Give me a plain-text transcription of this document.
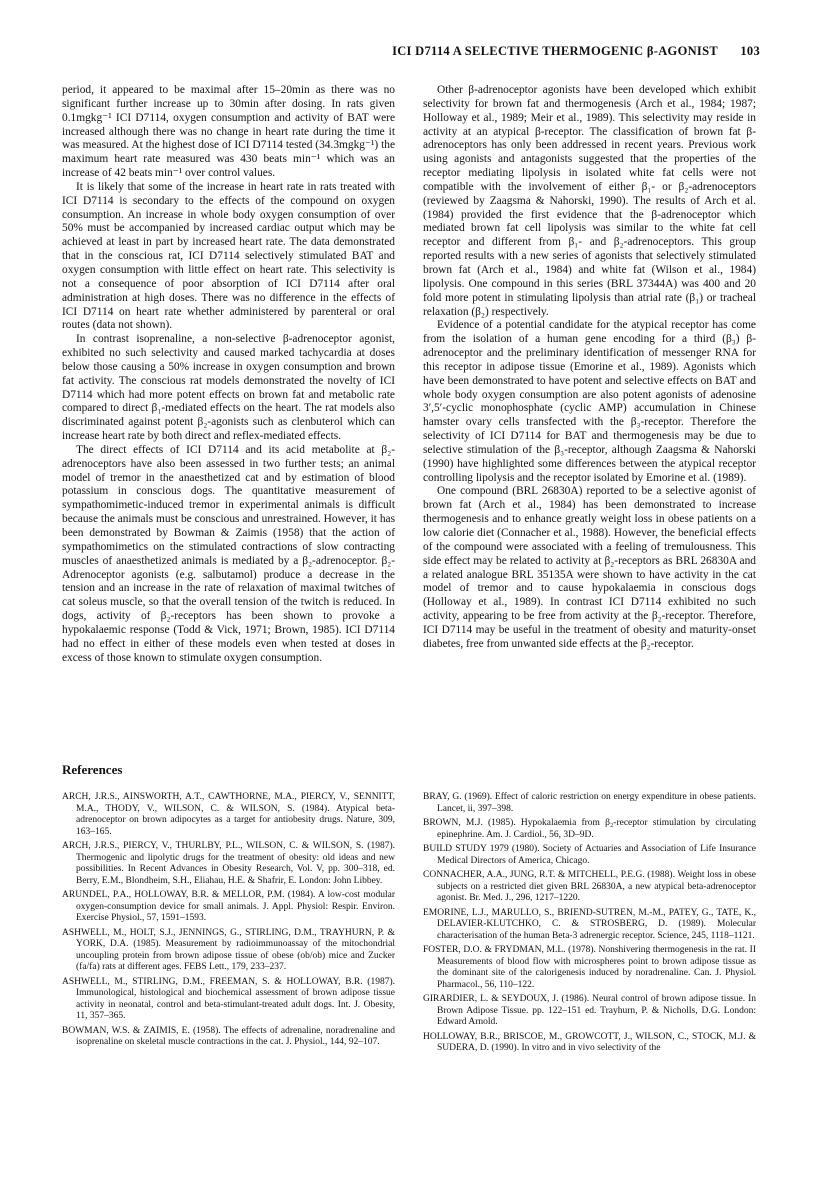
ICI D7114 A SELECTIVE THERMOGENIC β-AGONIST 103

period, it appeared to be maximal after 15–20min as there was no significant further increase up to 30min after dosing. In rats given 0.1mgkg⁻¹ ICI D7114, oxygen consumption and activity of BAT were increased although there was no change in heart rate during the time it was measured. At the highest dose of ICI D7114 tested (34.3mgkg⁻¹) the maximum heart rate measured was 430 beats min⁻¹ which was an increase of 42 beats min⁻¹ over control values.

It is likely that some of the increase in heart rate in rats treated with ICI D7114 is secondary to the effects of the compound on oxygen consumption. An increase in whole body oxygen consumption of over 50% must be accompanied by increased cardiac output which may be achieved at least in part by increased heart rate. The data demonstrated that in the conscious rat, ICI D7114 selectively stimulated BAT and oxygen consumption with little effect on heart rate. This selectivity is not a consequence of poor absorption of ICI D7114 after oral administration at high doses. There was no difference in the effects of ICI D7114 on heart rate whether administered by parenteral or oral routes (data not shown).

In contrast isoprenaline, a non-selective β-adrenoceptor agonist, exhibited no such selectivity and caused marked tachycardia at doses below those causing a 50% increase in oxygen consumption and brown fat activity. The conscious rat models demonstrated the novelty of ICI D7114 which had more potent effects on brown fat and metabolic rate compared to direct β₁-mediated effects on the heart. The rat models also discriminated against potent β₂-agonists such as clenbuterol which can increase heart rate by both direct and reflex-mediated effects.

The direct effects of ICI D7114 and its acid metabolite at β₂-adrenoceptors have also been assessed in two further tests; an animal model of tremor in the anaesthetized cat and by estimation of blood potassium in conscious dogs. The quantitative measurement of sympathomimetic-induced tremor in experimental animals is difficult because the animals must be conscious and unrestrained. However, it has been demonstrated by Bowman & Zaimis (1958) that the action of sympathomimetics on the stimulated contractions of slow contracting muscles of anaesthetized animals is mediated by a β₂-adrenoceptor. β₂-Adrenoceptor agonists (e.g. salbutamol) produce a decrease in the tension and an increase in the rate of relaxation of maximal twitches of cat soleus muscle, so that the overall tension of the twitch is reduced. In dogs, activity of β₂-receptors has been shown to provoke a hypokalaemic response (Todd & Vick, 1971; Brown, 1985). ICI D7114 had no effect in either of these models even when tested at doses in excess of those known to stimulate oxygen consumption.

Other β-adrenoceptor agonists have been developed which exhibit selectivity for brown fat and thermogenesis (Arch et al., 1984; 1987; Holloway et al., 1989; Meir et al., 1989). This selectivity may reside in activity at an atypical β-receptor. The classification of brown fat β-adrenoceptors has only been addressed in recent years. Previous work using agonists and antagonists suggested that the properties of the receptor mediating lipolysis in isolated white fat cells were not compatible with the involvement of either β₁- or β₂-adrenoceptors (reviewed by Zaagsma & Nahorski, 1990). The results of Arch et al. (1984) provided the first evidence that the β-adrenoceptor which mediated brown fat cell lipolysis was similar to the white fat cell receptor and different from β₁- and β₂-adrenoceptors. This group reported results with a new series of agonists that selectively stimulated brown fat (Arch et al., 1984) and white fat (Wilson et al., 1984) lipolysis. One compound in this series (BRL 37344A) was 400 and 20 fold more potent in stimulating lipolysis than atrial rate (β₁) or tracheal relaxation (β₂) respectively.

Evidence of a potential candidate for the atypical receptor has come from the isolation of a human gene encoding for a third (β₃) β-adrenoceptor and the preliminary identification of messenger RNA for this receptor in adipose tissue (Emorine et al., 1989). Agonists which have been demonstrated to have potent and selective effects on BAT and whole body oxygen consumption are also potent agonists of adenosine 3′,5′-cyclic monophosphate (cyclic AMP) accumulation in Chinese hamster ovary cells transfected with the β₃-receptor. Therefore the selectivity of ICI D7114 for BAT and thermogenesis may be due to selective stimulation of the β₃-receptor, although Zaagsma & Nahorski (1990) have highlighted some differences between the atypical receptor controlling lipolysis and the receptor isolated by Emorine et al. (1989).

One compound (BRL 26830A) reported to be a selective agonist of brown fat (Arch et al., 1984) has been demonstrated to increase thermogenesis and to enhance greatly weight loss in obese patients on a low calorie diet (Connacher et al., 1988). However, the beneficial effects of the compound were associated with a feeling of tremulousness. This side effect may be related to activity at β₂-receptors as BRL 26830A and a related analogue BRL 35135A were shown to have activity in the cat model of tremor and to cause hypokalaemia in conscious dogs (Holloway et al., 1989). In contrast ICI D7114 exhibited no such activity, appearing to be free from activity at the β₂-receptor. Therefore, ICI D7114 may be useful in the treatment of obesity and maturity-onset diabetes, free from unwanted side effects at the β₂-receptor.

References

ARCH, J.R.S., AINSWORTH, A.T., CAWTHORNE, M.A., PIERCY, V., SENNITT, M.A., THODY, V., WILSON, C. & WILSON, S. (1984). Atypical beta-adrenoceptor on brown adipocytes as a target for antiobesity drugs. Nature, 309, 163–165.

ARCH, J.R.S., PIERCY, V., THURLBY, P.L., WILSON, C. & WILSON, S. (1987). Thermogenic and lipolytic drugs for the treatment of obesity: old ideas and new possibilities. In Recent Advances in Obesity Research, Vol. V, pp. 300–318, ed. Berry, E.M., Blondheim, S.H., Eliahau, H.E. & Shafrir, E. London: John Libbey.

ARUNDEL, P.A., HOLLOWAY, B.R. & MELLOR, P.M. (1984). A low-cost modular oxygen-consumption device for small animals. J. Appl. Physiol: Respir. Environ. Exercise Physiol., 57, 1591–1593.

ASHWELL, M., HOLT, S.J., JENNINGS, G., STIRLING, D.M., TRAYHURN, P. & YORK, D.A. (1985). Measurement by radioimmunoassay of the mitochondrial uncoupling protein from brown adipose tissue of obese (ob/ob) mice and Zucker (fa/fa) rats at different ages. FEBS Lett., 179, 233–237.

ASHWELL, M., STIRLING, D.M., FREEMAN, S. & HOLLOWAY, B.R. (1987). Immunological, histological and biochemical assessment of brown adipose tissue activity in neonatal, control and beta-stimulant-treated adult dogs. Int. J. Obesity, 11, 357–365.

BOWMAN, W.S. & ZAIMIS, E. (1958). The effects of adrenaline, noradrenaline and isoprenaline on skeletal muscle contractions in the cat. J. Physiol., 144, 92–107.

BRAY, G. (1969). Effect of caloric restriction on energy expenditure in obese patients. Lancet, ii, 397–398.

BROWN, M.J. (1985). Hypokalaemia from β₂-receptor stimulation by circulating epinephrine. Am. J. Cardiol., 56, 3D–9D.

BUILD STUDY 1979 (1980). Society of Actuaries and Association of Life Insurance Medical Directors of America, Chicago.

CONNACHER, A.A., JUNG, R.T. & MITCHELL, P.E.G. (1988). Weight loss in obese subjects on a restricted diet given BRL 26830A, a new atypical beta-adrenoceptor agonist. Br. Med. J., 296, 1217–1220.

EMORINE, L.J., MARULLO, S., BRIEND-SUTREN, M.-M., PATEY, G., TATE, K., DELAVIER-KLUTCHKO, C. & STROSBERG, D. (1989). Molecular characterisation of the human Beta-3 adrenergic receptor. Science, 245, 1118–1121.

FOSTER, D.O. & FRYDMAN, M.L. (1978). Nonshivering thermogenesis in the rat. II Measurements of blood flow with microspheres point to brown adipose tissue as the dominant site of the calorigenesis induced by noradrenaline. Can. J. Physiol. Pharmacol., 56, 110–122.

GIRARDIER, L. & SEYDOUX, J. (1986). Neural control of brown adipose tissue. In Brown Adipose Tissue. pp. 122–151 ed. Trayhurn, P. & Nicholls, D.G. London: Edward Arnold.

HOLLOWAY, B.R., BRISCOE, M., GROWCOTT, J., WILSON, C., STOCK, M.J. & SUDERA, D. (1990). In vitro and in vivo selectivity of the
